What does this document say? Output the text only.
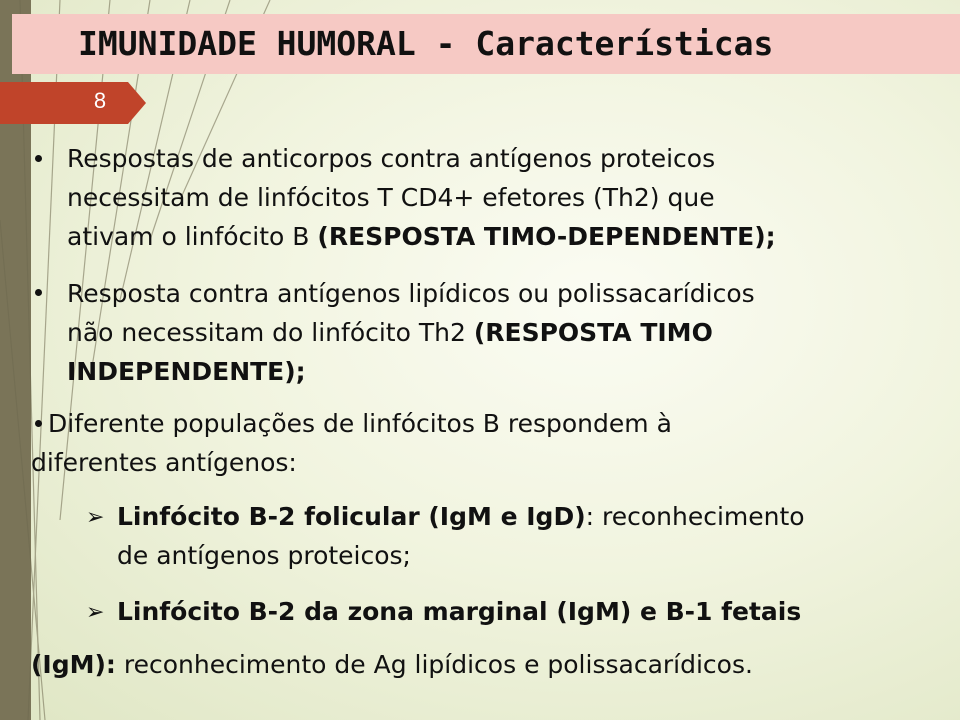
IMUNIDADE HUMORAL - Características
8
Respostas de anticorpos contra antígenos proteicos
necessitam de linfócitos T CD4+ efetores (Th2) que
ativam o linfócito B (RESPOSTA TIMO-DEPENDENTE);
Resposta contra antígenos lipídicos ou polissacarídicos
não necessitam do linfócito Th2 (RESPOSTA TIMO
INDEPENDENTE);
Diferente populações de linfócitos B respondem à
diferentes antígenos:
➢ Linfócito B-2 folicular (IgM e IgD): reconhecimento
de antígenos proteicos;
➢ Linfócito B-2 da zona marginal (IgM) e B-1 fetais
(IgM): reconhecimento de Ag lipídicos e polissacarídicos.
